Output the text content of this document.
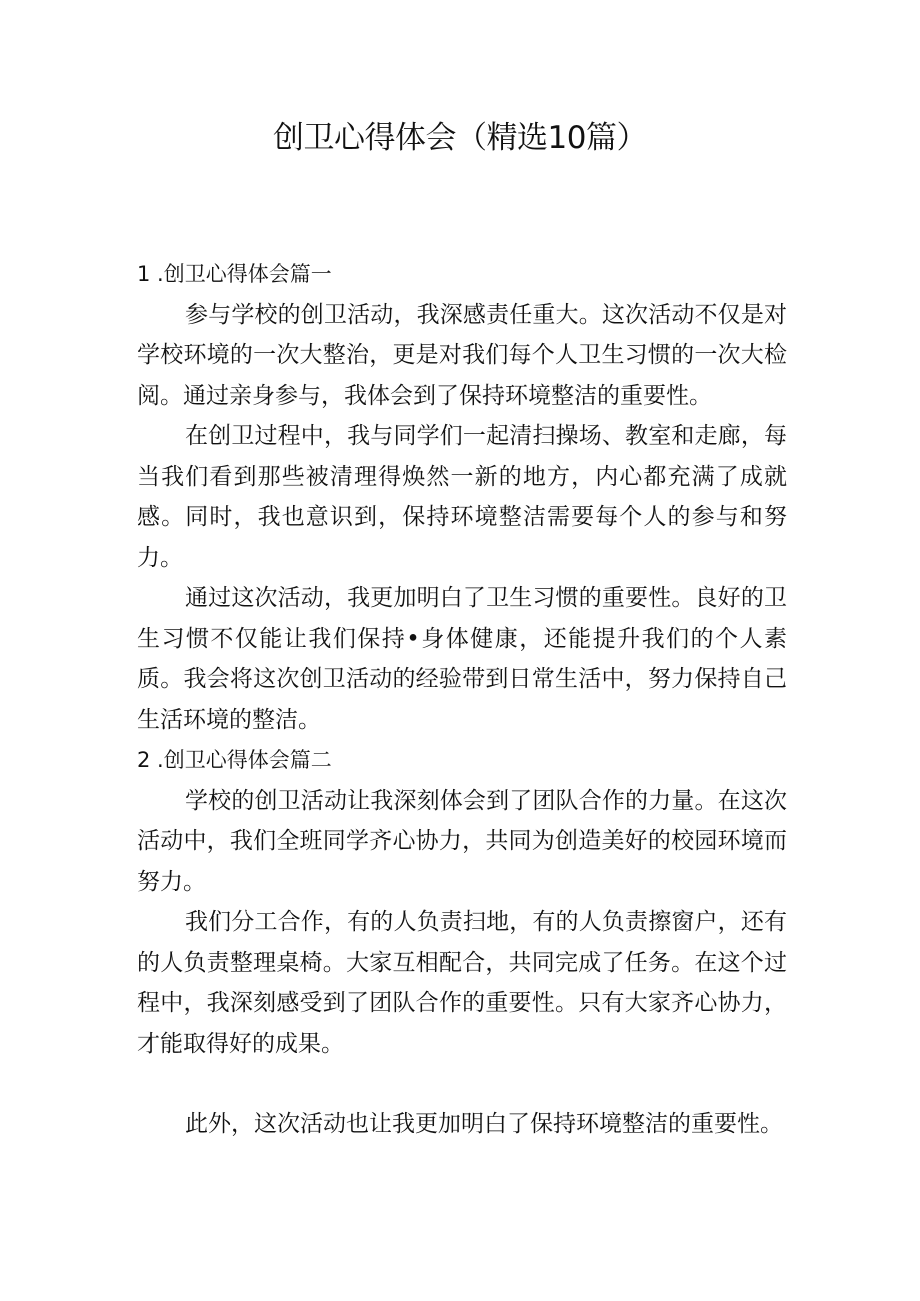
创卫心得体会（精选10篇）

1 .创卫心得体会篇一

参与学校的创卫活动，我深感责任重大。这次活动不仅是对学校环境的一次大整治，更是对我们每个人卫生习惯的一次大检阅。通过亲身参与，我体会到了保持环境整洁的重要性。

在创卫过程中，我与同学们一起清扫操场、教室和走廊，每当我们看到那些被清理得焕然一新的地方，内心都充满了成就感。同时，我也意识到，保持环境整洁需要每个人的参与和努力。

通过这次活动，我更加明白了卫生习惯的重要性。良好的卫生习惯不仅能让我们保持•身体健康，还能提升我们的个人素质。我会将这次创卫活动的经验带到日常生活中，努力保持自己生活环境的整洁。

2 .创卫心得体会篇二

学校的创卫活动让我深刻体会到了团队合作的力量。在这次活动中，我们全班同学齐心协力，共同为创造美好的校园环境而努力。

我们分工合作，有的人负责扫地，有的人负责擦窗户，还有的人负责整理桌椅。大家互相配合，共同完成了任务。在这个过程中，我深刻感受到了团队合作的重要性。只有大家齐心协力，才能取得好的成果。

此外，这次活动也让我更加明白了保持环境整洁的重要性。
